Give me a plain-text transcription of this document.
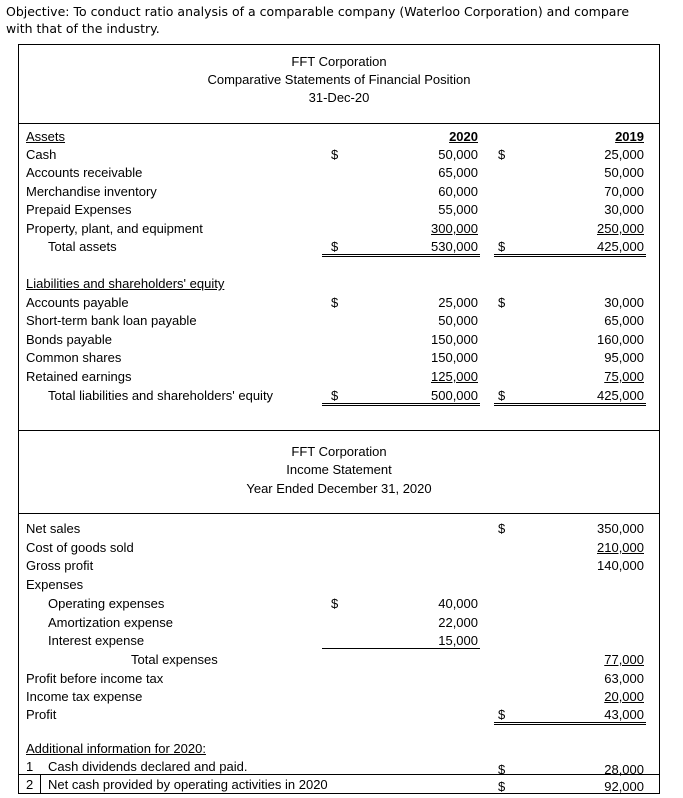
Objective: To conduct ratio analysis of a comparable company (Waterloo Corporation) and compare with that of the industry.
FFT Corporation
Comparative Statements of Financial Position
31-Dec-20
Assets	2020	2019
Cash	$	50,000 $	25,000
Accounts receivable	65,000	50,000
Merchandise inventory	60,000	70,000
Prepaid Expenses	55,000	30,000
Property, plant, and equipment	300,000	250,000
Total assets	$	530,000 $	425,000
Liabilities and shareholders' equity
Accounts payable	$	25,000 $	30,000
Short-term bank loan payable	50,000	65,000
Bonds payable	150,000	160,000
Common shares	150,000	95,000
Retained earnings	125,000	75,000
Total liabilities and shareholders' equity	$	500,000 $	425,000
FFT Corporation
Income Statement
Year Ended December 31, 2020
Net sales	$	350,000
Cost of goods sold	210,000
Gross profit	140,000
Expenses
Operating expenses	$	40,000
Amortization expense	22,000
Interest expense	15,000
Total expenses	77,000
Profit before income tax	63,000
Income tax expense	20,000
Profit	$	43,000
Additional information for 2020:
1 Cash dividends declared and paid.	$	28,000
2 Net cash provided by operating activities in 2020	$	92,000
